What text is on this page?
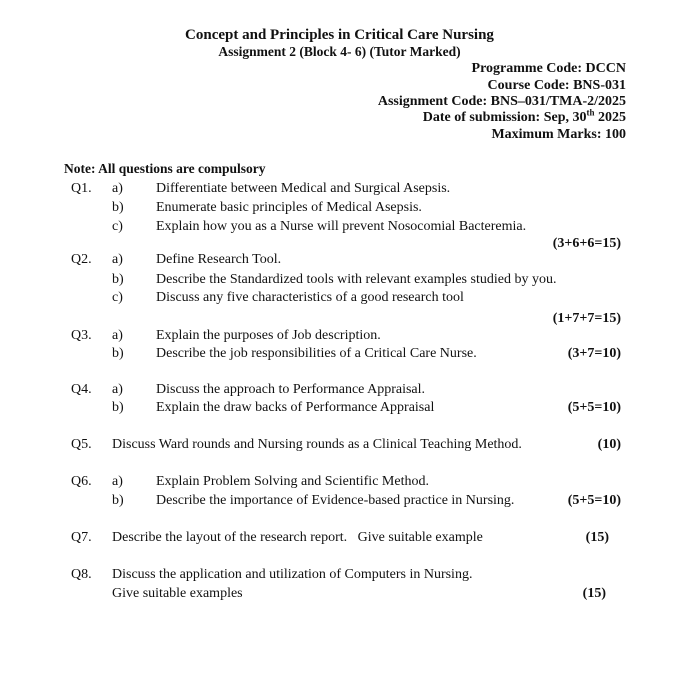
Concept and Principles in Critical Care Nursing
Assignment 2 (Block 4- 6) (Tutor Marked)
Programme Code: DCCN
Course Code: BNS-031
Assignment Code: BNS–031/TMA-2/2025
Date of submission: Sep, 30th 2025
Maximum Marks: 100
Note: All questions are compulsory
Q1. a) Differentiate between Medical and Surgical Asepsis.
b) Enumerate basic principles of Medical Asepsis.
c) Explain how you as a Nurse will prevent Nosocomial Bacteremia.
(3+6+6=15)
Q2. a) Define Research Tool.
b) Describe the Standardized tools with relevant examples studied by you.
c) Discuss any five characteristics of a good research tool
(1+7+7=15)
Q3. a) Explain the purposes of Job description.
b) Describe the job responsibilities of a Critical Care Nurse.	(3+7=10)
Q4. a) Discuss the approach to Performance Appraisal.
b) Explain the draw backs of Performance Appraisal	(5+5=10)
Q5. Discuss Ward rounds and Nursing rounds as a Clinical Teaching Method.	(10)
Q6. a) Explain Problem Solving and Scientific Method.
b) Describe the importance of Evidence-based practice in Nursing.	(5+5=10)
Q7. Describe the layout of the research report.   Give suitable example	(15)
Q8. Discuss the application and utilization of Computers in Nursing.
Give suitable examples	(15)
